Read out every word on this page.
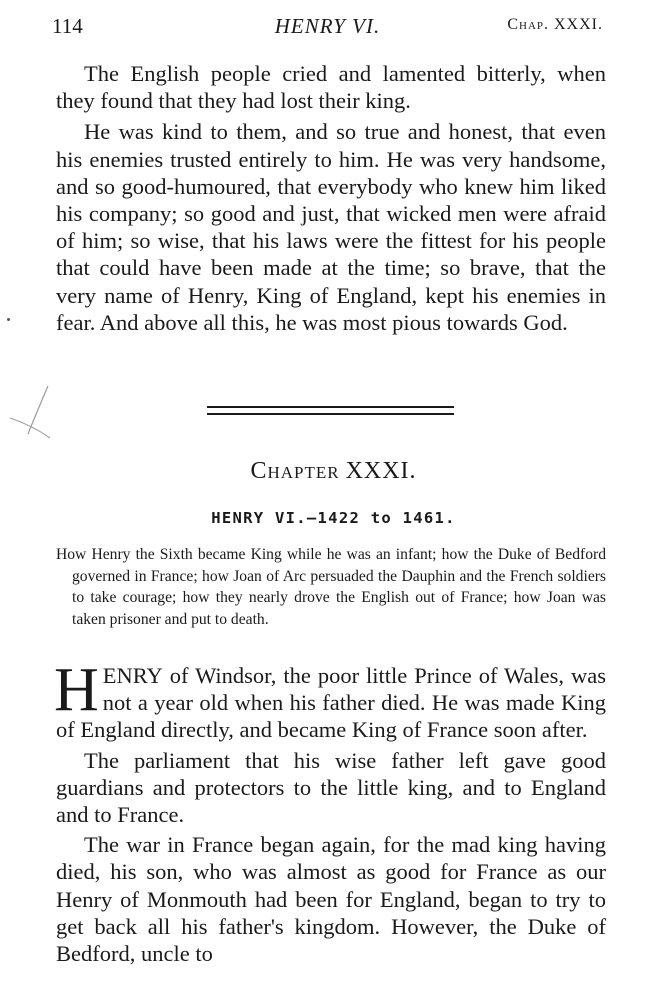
114	HENRY VI.	Chap. XXXI.

The English people cried and lamented bitterly, when they found that they had lost their king.

He was kind to them, and so true and honest, that even his enemies trusted entirely to him. He was very handsome, and so good-humoured, that everybody who knew him liked his company; so good and just, that wicked men were afraid of him; so wise, that his laws were the fittest for his people that could have been made at the time; so brave, that the very name of Henry, King of England, kept his enemies in fear. And above all this, he was most pious towards God.

Chapter XXXI.
HENRY VI.—1422 to 1461.
How Henry the Sixth became King while he was an infant; how the Duke of Bedford governed in France; how Joan of Arc persuaded the Dauphin and the French soldiers to take courage; how they nearly drove the English out of France; how Joan was taken prisoner and put to death.

HENRY of Windsor, the poor little Prince of Wales, was not a year old when his father died. He was made King of England directly, and became King of France soon after.

The parliament that his wise father left gave good guardians and protectors to the little king, and to England and to France.

The war in France began again, for the mad king having died, his son, who was almost as good for France as our Henry of Monmouth had been for England, began to try to get back all his father's kingdom. However, the Duke of Bedford, uncle to
